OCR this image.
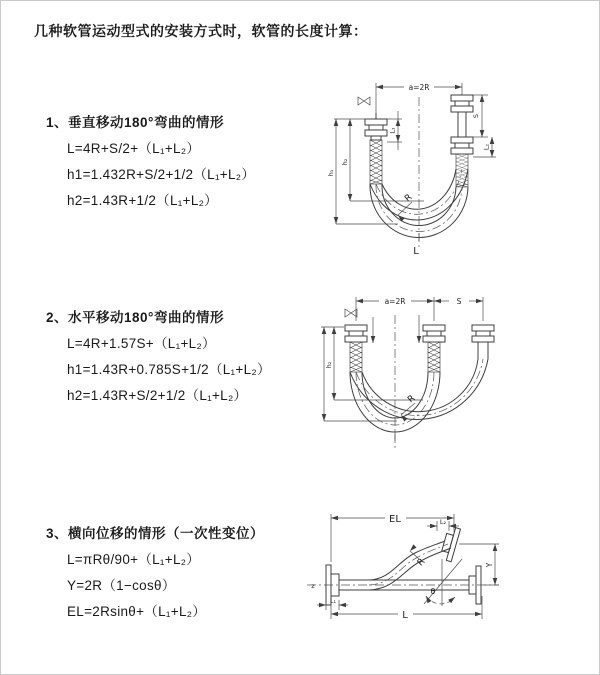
几种软管运动型式的安装方式时，软管的长度计算：
1、垂直移动180°弯曲的情形
L=4R+S/2+（L₁+L₂）
h1=1.432R+S/2+1/2（L₁+L₂）
h2=1.43R+1/2（L₁+L₂）
2、水平移动180°弯曲的情形
L=4R+1.57S+（L₁+L₂）
h1=1.43R+0.785S+1/2（L₁+L₂）
h2=1.43R+S/2+1/2（L₁+L₂）
3、横向位移的情形（一次性变位）
L=πRθ/90+（L₁+L₂）
Y=2R（1−cosθ）
EL=2Rsinθ+（L₁+L₂）
a=2R
S
L₂
L₁
h₂
h₁
R
L
a=2R	S
h₂
R
z
EL	L₂
Y
θ
R
L₁
L
